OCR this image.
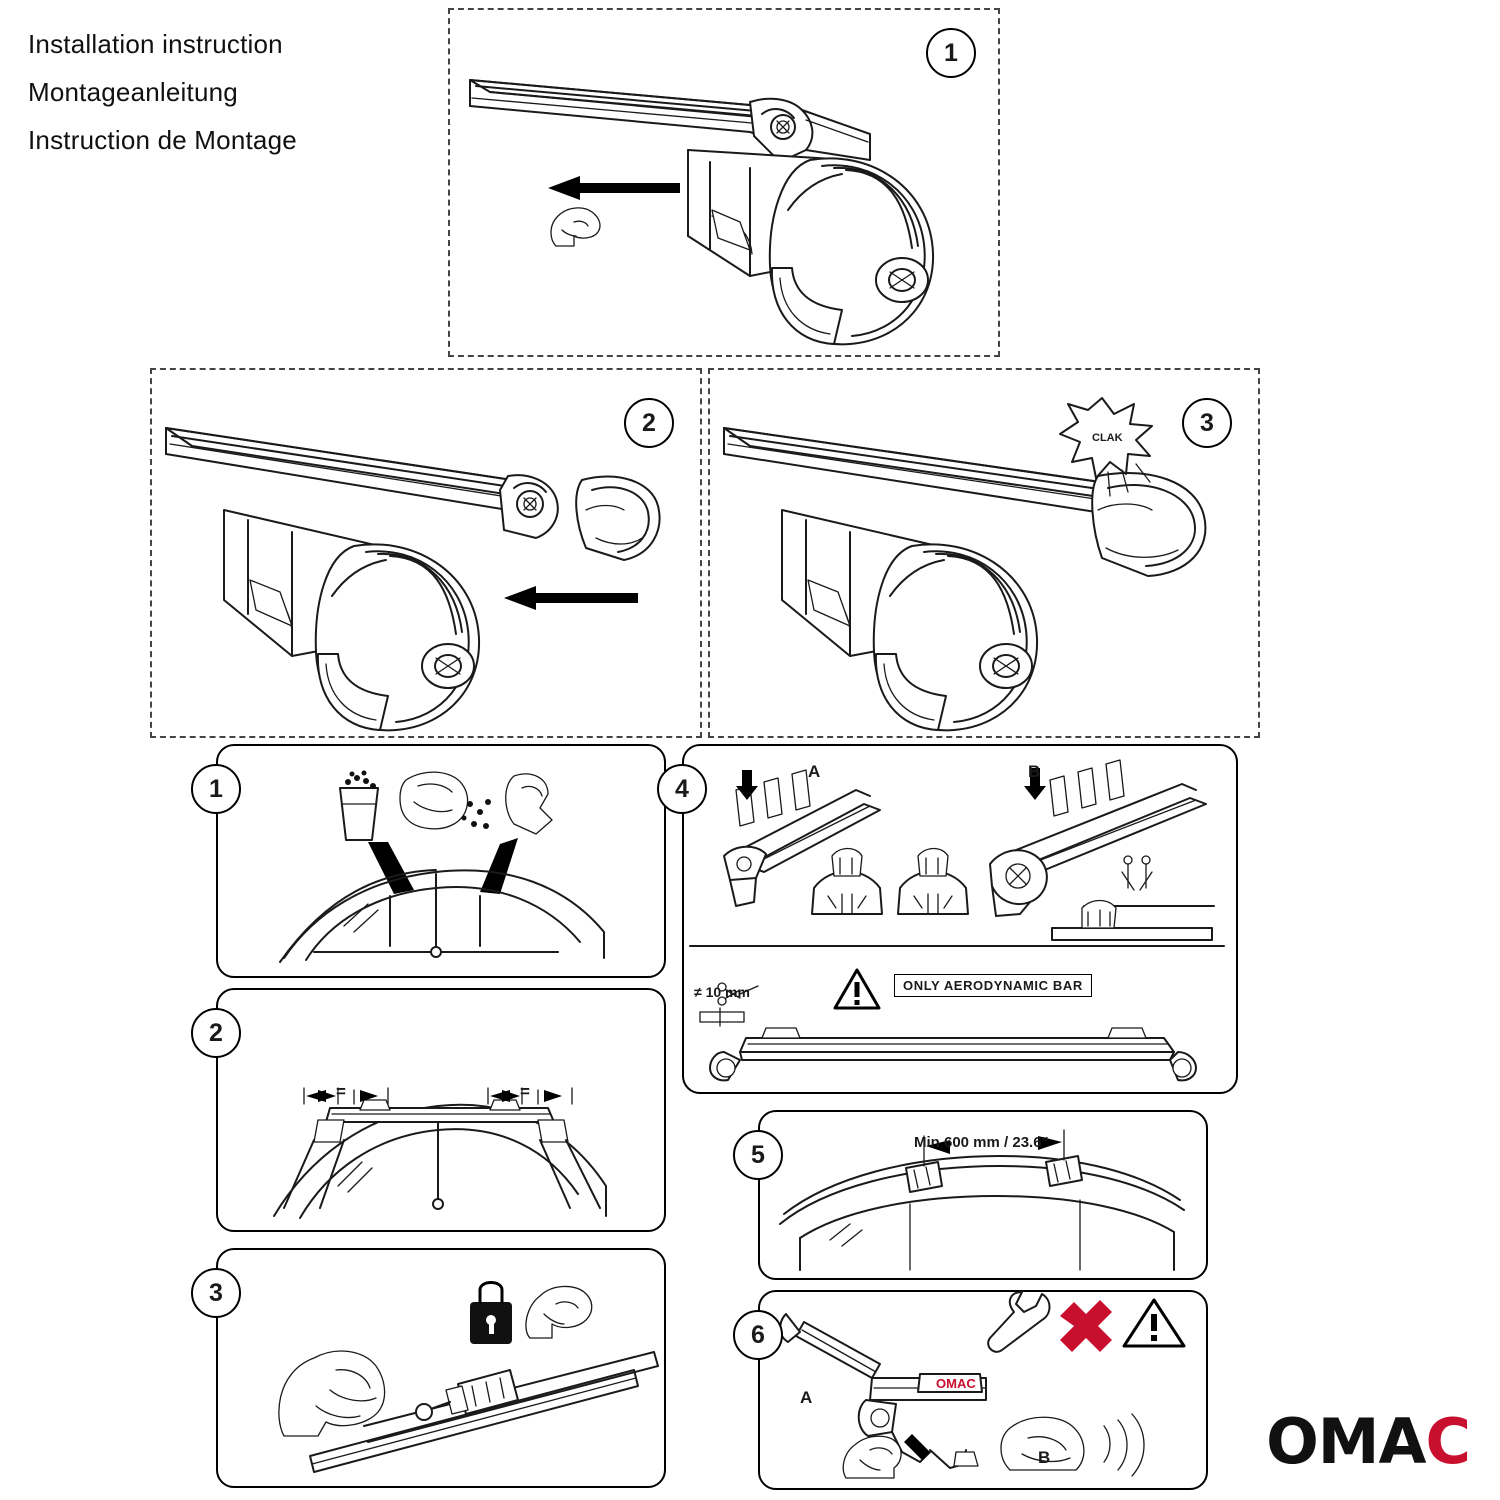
Installation instruction
Montageanleitung
Instruction de Montage
1
2	3
CLAK
1
=	=
2
3
4
A	B
≠ 10 mm	ONLY AERODYNAMIC BAR
Min 600 mm / 23.6"
5
OMAC
6
A
B	OMAC
